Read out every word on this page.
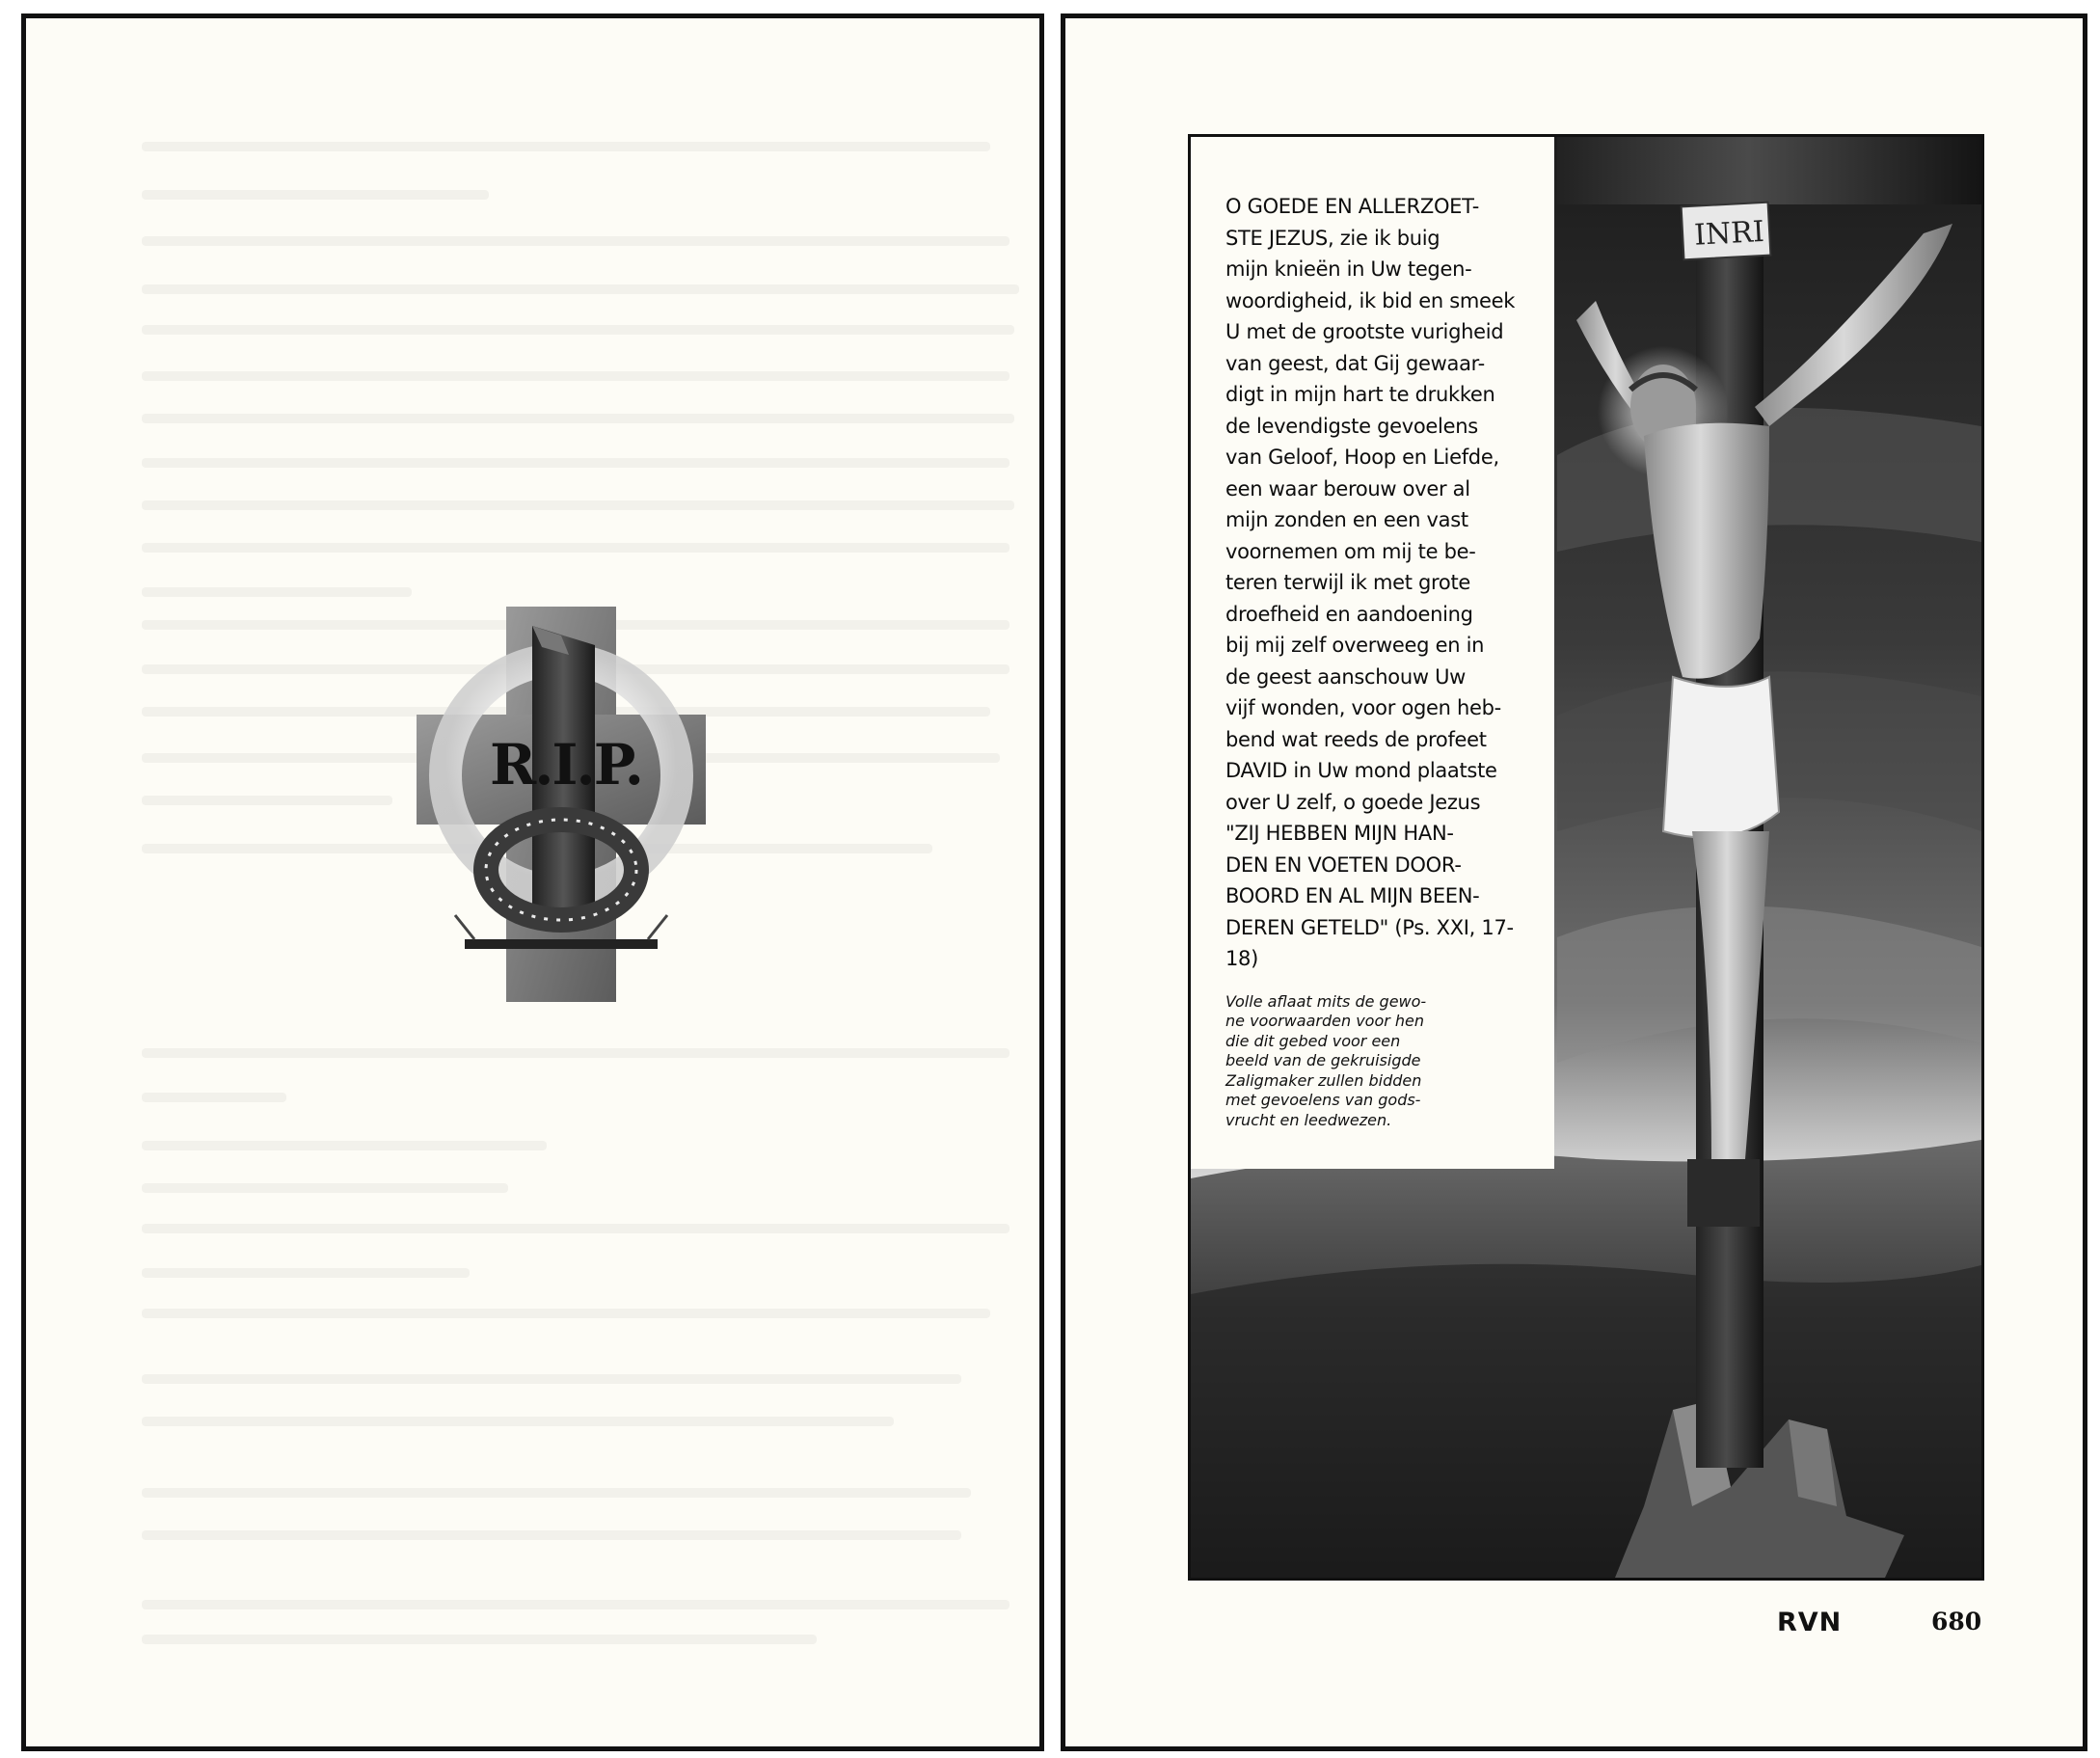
R.I.P.
INRI

O GOEDE EN ALLERZOET-
STE JEZUS, zie ik buig
mijn knieën in Uw tegen-
woordigheid, ik bid en smeek
U met de grootste vurigheid
van geest, dat Gij gewaar-
digt in mijn hart te drukken
de levendigste gevoelens
van Geloof, Hoop en Liefde,
een waar berouw over al
mijn zonden en een vast
voornemen om mij te be-
teren terwijl ik met grote
droefheid en aandoening
bij mij zelf overweeg en in
de geest aanschouw Uw
vijf wonden, voor ogen heb-
bend wat reeds de profeet
DAVID in Uw mond plaatste
over U zelf, o goede Jezus
"ZIJ HEBBEN MIJN HAN-
DEN EN VOETEN DOOR-
BOORD EN AL MIJN BEEN-
DEREN GETELD" (Ps. XXI, 17-18)

Volle aflaat mits de gewo-
ne voorwaarden voor hen
die dit gebed voor een
beeld van de gekruisigde
Zaligmaker zullen bidden
met gevoelens van gods-
vrucht en leedwezen.

RVN	680
